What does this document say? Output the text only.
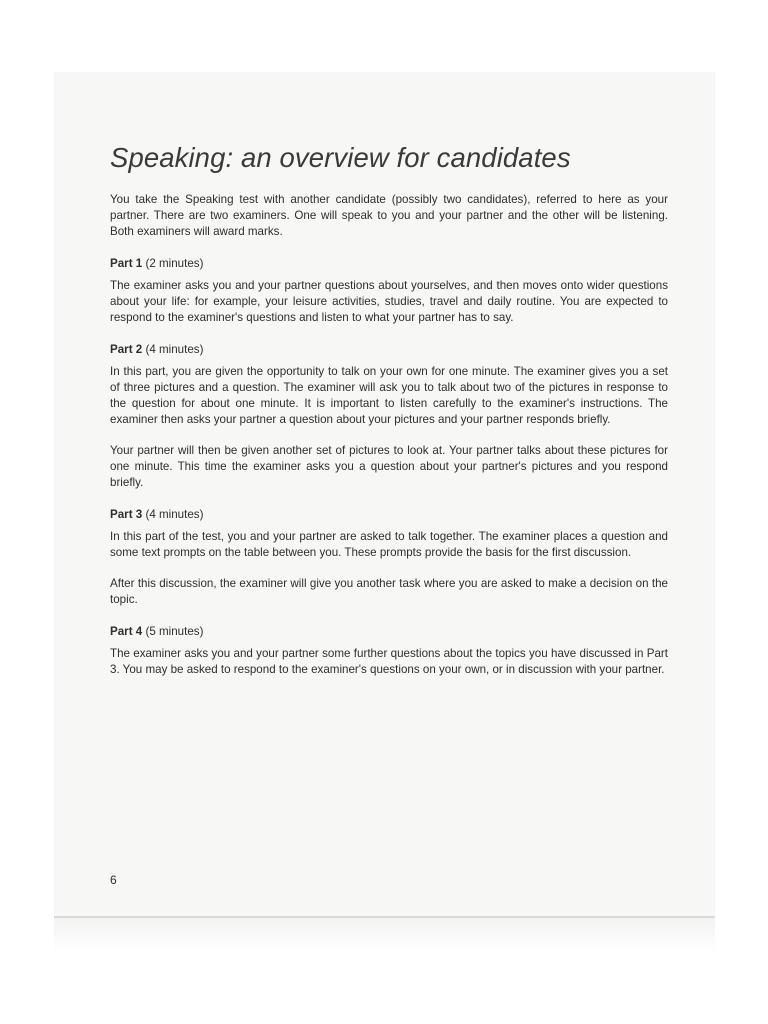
Speaking: an overview for candidates

You take the Speaking test with another candidate (possibly two candidates), referred to here as your partner. There are two examiners. One will speak to you and your partner and the other will be listening. Both examiners will award marks.

Part 1 (2 minutes)

The examiner asks you and your partner questions about yourselves, and then moves onto wider questions about your life: for example, your leisure activities, studies, travel and daily routine. You are expected to respond to the examiner's questions and listen to what your partner has to say.

Part 2 (4 minutes)

In this part, you are given the opportunity to talk on your own for one minute. The examiner gives you a set of three pictures and a question. The examiner will ask you to talk about two of the pictures in response to the question for about one minute. It is important to listen carefully to the examiner's instructions. The examiner then asks your partner a question about your pictures and your partner responds briefly.

Your partner will then be given another set of pictures to look at. Your partner talks about these pictures for one minute. This time the examiner asks you a question about your partner's pictures and you respond briefly.

Part 3 (4 minutes)

In this part of the test, you and your partner are asked to talk together. The examiner places a question and some text prompts on the table between you. These prompts provide the basis for the first discussion.

After this discussion, the examiner will give you another task where you are asked to make a decision on the topic.

Part 4 (5 minutes)

The examiner asks you and your partner some further questions about the topics you have discussed in Part 3. You may be asked to respond to the examiner's questions on your own, or in discussion with your partner.

6
